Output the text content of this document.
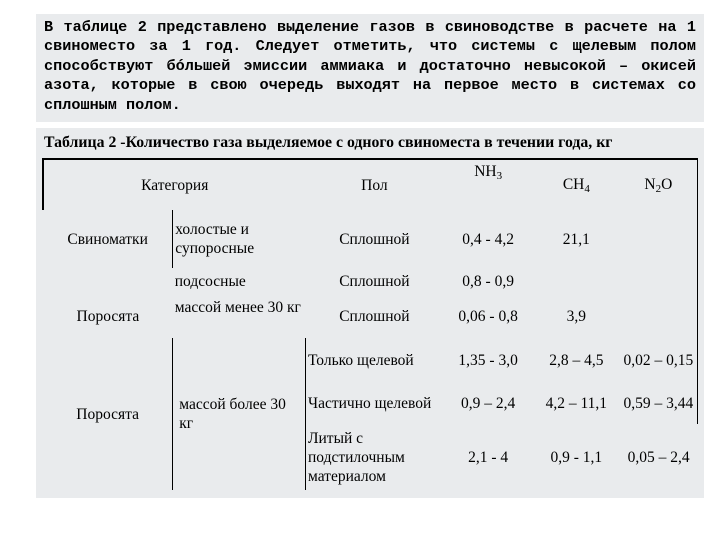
В таблице 2 представлено выделение газов в свиноводстве в расчете на 1 свиноместо за 1 год. Следует отметить, что системы с щелевым полом способствуют бóльшей эмиссии аммиака и достаточно невысокой – окисей азота, которые в свою очередь выходят на первое место в системах со сплошным полом.
Таблица 2 -Количество газа выделяемое с одного свиноместа в течении года, кг
Категория		Пол	NH3	CH4	N2O
Свиноматки	холостые и супоросные	Сплошной	0,4 - 4,2	21,1	
	подсосные	Сплошной	0,8 - 0,9		
Поросята	массой менее 30 кг	Сплошной	0,06 - 0,8	3,9	
Поросята	массой более 30 кг	Только щелевой	1,35 - 3,0	2,8 – 4,5	0,02 – 0,15
		Частично щелевой	0,9 – 2,4	4,2 – 11,1	0,59 – 3,44
		Литый с подстилочным материалом	2,1 - 4	0,9 - 1,1	0,05 – 2,4
